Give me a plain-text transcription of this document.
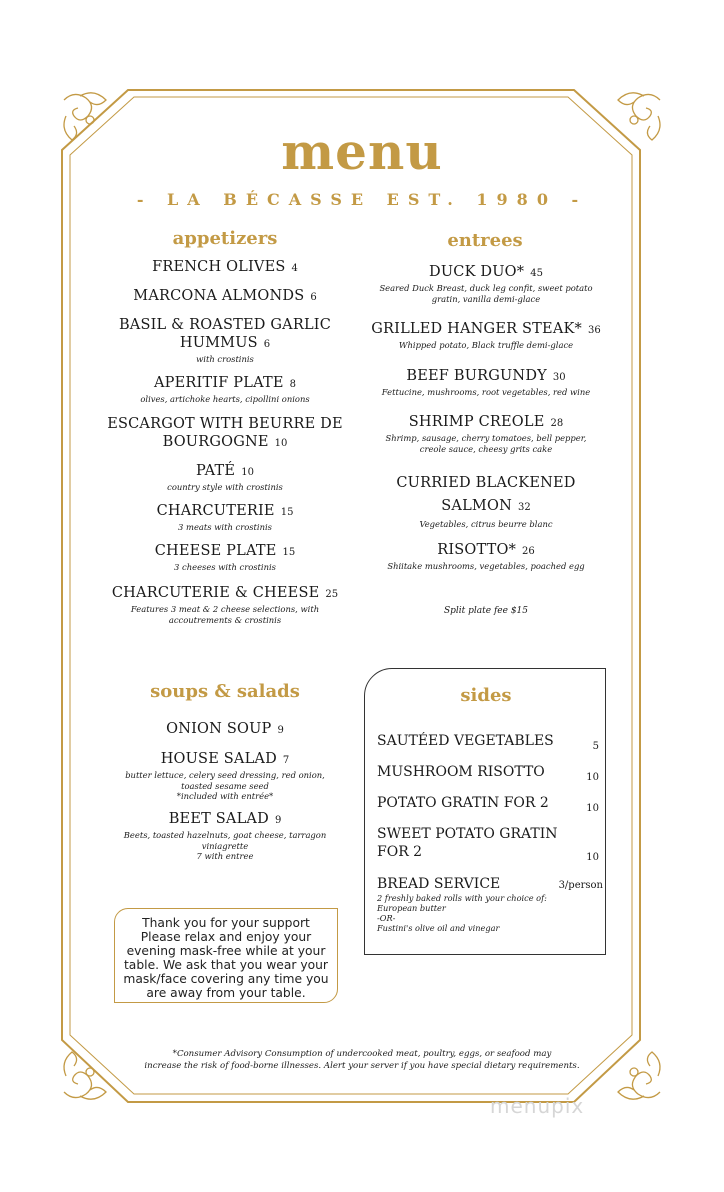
menu
- LA BÉCASSE EST. 1980 -
appetizers
FRENCH OLIVES 4
MARCONA ALMONDS 6
BASIL & ROASTED GARLIC
HUMMUS 6
with crostinis
APERITIF PLATE 8
olives, artichoke hearts, cipollini onions
ESCARGOT WITH BEURRE DE
BOURGOGNE 10
PATÉ 10
country style with crostinis
CHARCUTERIE 15
3 meats with crostinis
CHEESE PLATE 15
3 cheeses with crostinis
CHARCUTERIE & CHEESE 25
Features 3 meat & 2 cheese selections, with
accoutrements & crostinis
entrees
DUCK DUO* 45
Seared Duck Breast, duck leg confit, sweet potato
gratin, vanilla demi-glace
GRILLED HANGER STEAK* 36
Whipped potato, Black truffle demi-glace
BEEF BURGUNDY 30
Fettucine, mushrooms, root vegetables, red wine
SHRIMP CREOLE 28
Shrimp, sausage, cherry tomatoes, bell pepper,
creole sauce, cheesy grits cake
CURRIED BLACKENED
SALMON 32
Vegetables, citrus beurre blanc
RISOTTO* 26
Shiitake mushrooms, vegetables, poached egg
Split plate fee $15
soups & salads
ONION SOUP 9
HOUSE SALAD 7
butter lettuce, celery seed dressing, red onion,
toasted sesame seed
*included with entrée*
BEET SALAD 9
Beets, toasted hazelnuts, goat cheese, tarragon
viniagrette
7 with entree
sides
SAUTÉED VEGETABLES	5
MUSHROOM RISOTTO	10
POTATO GRATIN FOR 2	10
SWEET POTATO GRATIN
FOR 2	10
BREAD SERVICE	3/person
2 freshly baked rolls with your choice of:
European butter
-OR-
Fustini's olive oil and vinegar
Thank you for your support
Please relax and enjoy your
evening mask-free while at your
table. We ask that you wear your
mask/face covering any time you
are away from your table.
*Consumer Advisory Consumption of undercooked meat, poultry, eggs, or seafood may
increase the risk of food-borne illnesses. Alert your server if you have special dietary requirements.
menupix
